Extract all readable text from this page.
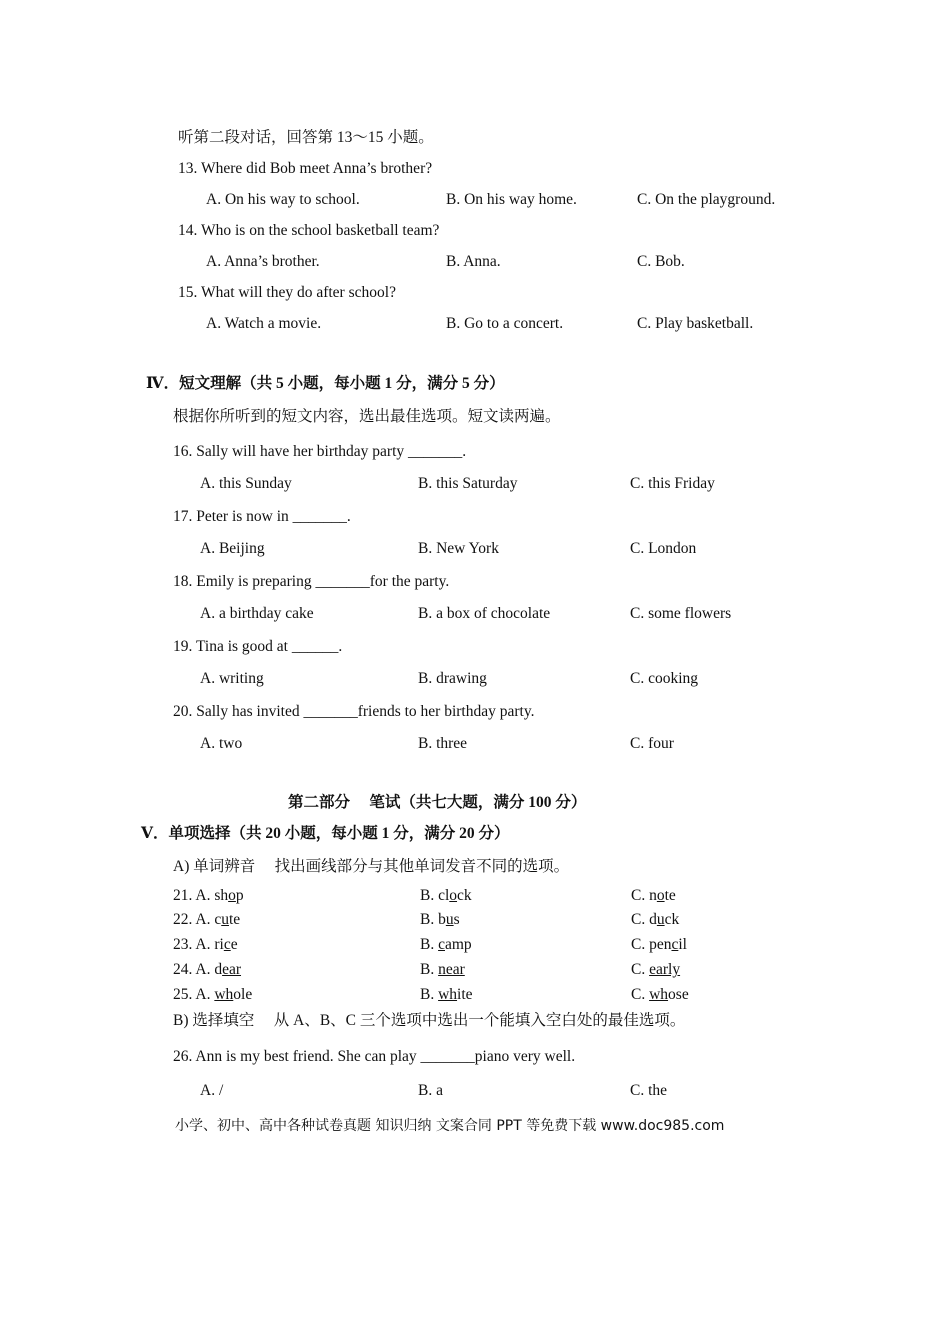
听第二段对话，回答第 13～15 小题。
13. Where did Bob meet Anna’s brother?
A. On his way to school.	B. On his way home.	C. On the playground.
14. Who is on the school basketball team?
A. Anna’s brother.	B. Anna.	C. Bob.
15. What will they do after school?
A. Watch a movie.	B. Go to a concert.	C. Play basketball.
Ⅳ．短文理解（共 5 小题，每小题 1 分，满分 5 分）
根据你所听到的短文内容，选出最佳选项。短文读两遍。
16. Sally will have her birthday party _______.
A. this Sunday	B. this Saturday	C. this Friday
17. Peter is now in _______.
A. Beijing	B. New York	C. London
18. Emily is preparing _______for the party.
A. a birthday cake	B. a box of chocolate	C. some flowers
19. Tina is good at ______.
A. writing	B. drawing	C. cooking
20. Sally has invited _______friends to her birthday party.
A. two	B. three	C. four
第二部分　 笔试（共七大题，满分 100 分）
Ⅴ．单项选择（共 20 小题，每小题 1 分，满分 20 分）
A) 单词辨音　 找出画线部分与其他单词发音不同的选项。
21. A. shop	B. clock	C. note
22. A. cute	B. bus	C. duck
23. A. rice	B. camp	C. pencil
24. A. dear	B. near	C. early
25. A. whole	B. white	C. whose
B) 选择填空　 从 A、B、C 三个选项中选出一个能填入空白处的最佳选项。
26. Ann is my best friend. She can play _______piano very well.
A. /	B. a	C. the
小学、初中、高中各种试卷真题 知识归纳 文案合同 PPT 等免费下载 www.doc985.com
